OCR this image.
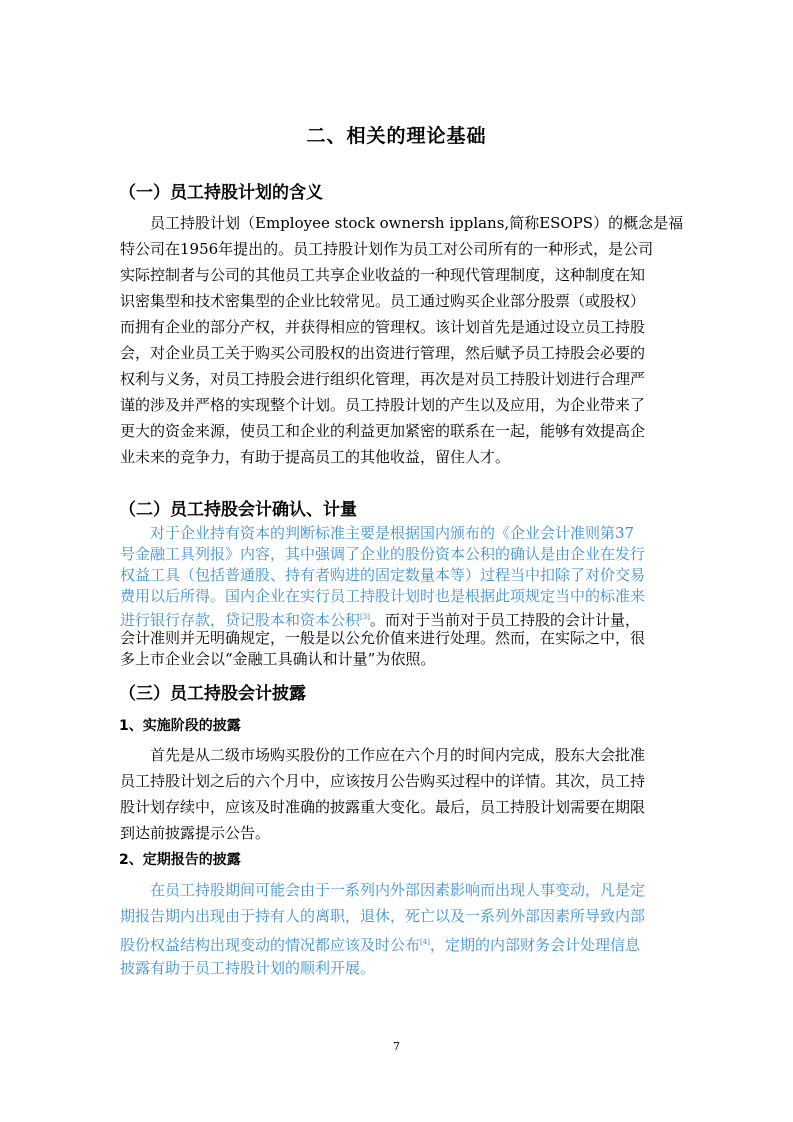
二、相关的理论基础
（一）员工持股计划的含义
员工持股计划（Employee stock ownersh ipplans,简称ESOPS）的概念是福
特公司在1956年提出的。员工持股计划作为员工对公司所有的一种形式，是公司
实际控制者与公司的其他员工共享企业收益的一种现代管理制度，这种制度在知
识密集型和技术密集型的企业比较常见。员工通过购买企业部分股票（或股权）
而拥有企业的部分产权，并获得相应的管理权。该计划首先是通过设立员工持股
会，对企业员工关于购买公司股权的出资进行管理，然后赋予员工持股会必要的
权利与义务，对员工持股会进行组织化管理，再次是对员工持股计划进行合理严
谨的涉及并严格的实现整个计划。员工持股计划的产生以及应用，为企业带来了
更大的资金来源，使员工和企业的利益更加紧密的联系在一起，能够有效提高企
业未来的竞争力，有助于提高员工的其他收益，留住人才。
（二）员工持股会计确认、计量
对于企业持有资本的判断标准主要是根据国内颁布的《企业会计准则第37
号金融工具列报》内容，其中强调了企业的股份资本公积的确认是由企业在发行
权益工具（包括普通股、持有者购进的固定数量本等）过程当中扣除了对价交易
费用以后所得。国内企业在实行员工持股计划时也是根据此项规定当中的标准来
进行银行存款，贷记股本和资本公积[3]。而对于当前对于员工持股的会计计量，
会计准则并无明确规定，一般是以公允价值来进行处理。然而，在实际之中，很
多上市企业会以“金融工具确认和计量”为依照。
（三）员工持股会计披露
1、实施阶段的披露
首先是从二级市场购买股份的工作应在六个月的时间内完成，股东大会批准
员工持股计划之后的六个月中，应该按月公告购买过程中的详情。其次，员工持
股计划存续中，应该及时准确的披露重大变化。最后，员工持股计划需要在期限
到达前披露提示公告。
2、定期报告的披露
在员工持股期间可能会由于一系列内外部因素影响而出现人事变动，凡是定
期报告期内出现由于持有人的离职，退休，死亡以及一系列外部因素所导致内部
股份权益结构出现变动的情况都应该及时公布[4]，定期的内部财务会计处理信息
披露有助于员工持股计划的顺利开展。
7
